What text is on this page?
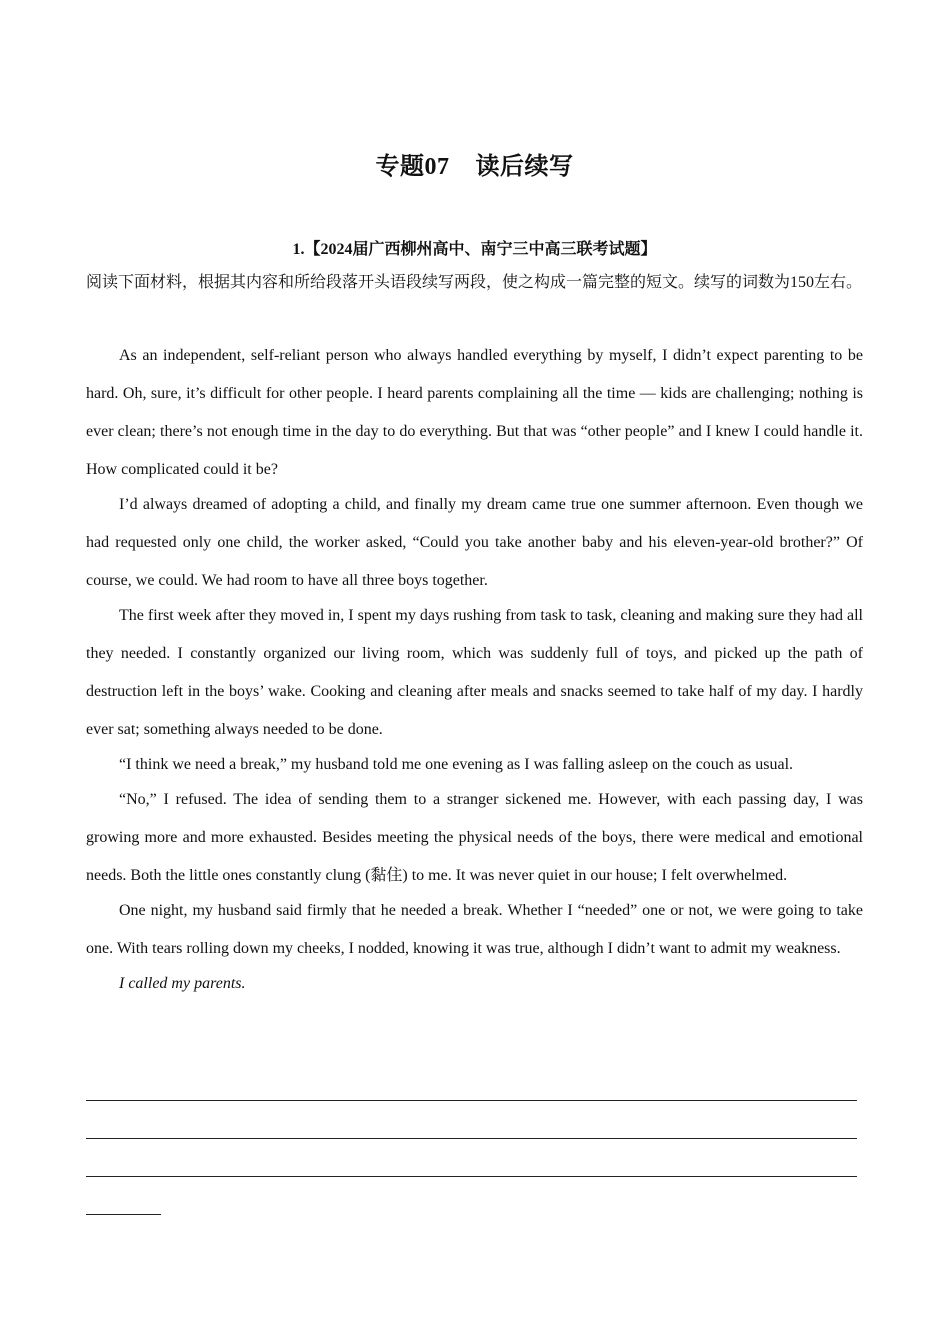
专题07    读后续写
1.【2024届广西柳州高中、南宁三中高三联考试题】

阅读下面材料，根据其内容和所给段落开头语段续写两段，使之构成一篇完整的短文。续写的词数为150左右。

As an independent, self-reliant person who always handled everything by myself, I didn’t expect parenting to be hard. Oh, sure, it’s difficult for other people. I heard parents complaining all the time — kids are challenging; nothing is ever clean; there’s not enough time in the day to do everything. But that was “other people” and I knew I could handle it. How complicated could it be?

I’d always dreamed of adopting a child, and finally my dream came true one summer afternoon. Even though we had requested only one child, the worker asked, “Could you take another baby and his eleven-year-old brother?” Of course, we could. We had room to have all three boys together.

The first week after they moved in, I spent my days rushing from task to task, cleaning and making sure they had all they needed. I constantly organized our living room, which was suddenly full of toys, and picked up the path of destruction left in the boys’ wake. Cooking and cleaning after meals and snacks seemed to take half of my day. I hardly ever sat; something always needed to be done.

“I think we need a break,” my husband told me one evening as I was falling asleep on the couch as usual.

“No,” I refused. The idea of sending them to a stranger sickened me. However, with each passing day, I was growing more and more exhausted. Besides meeting the physical needs of the boys, there were medical and emotional needs. Both the little ones constantly clung (黏住) to me. It was never quiet in our house; I felt overwhelmed.

One night, my husband said firmly that he needed a break. Whether I “needed” one or not, we were going to take one. With tears rolling down my cheeks, I nodded, knowing it was true, although I didn’t want to admit my weakness.

I called my parents.
